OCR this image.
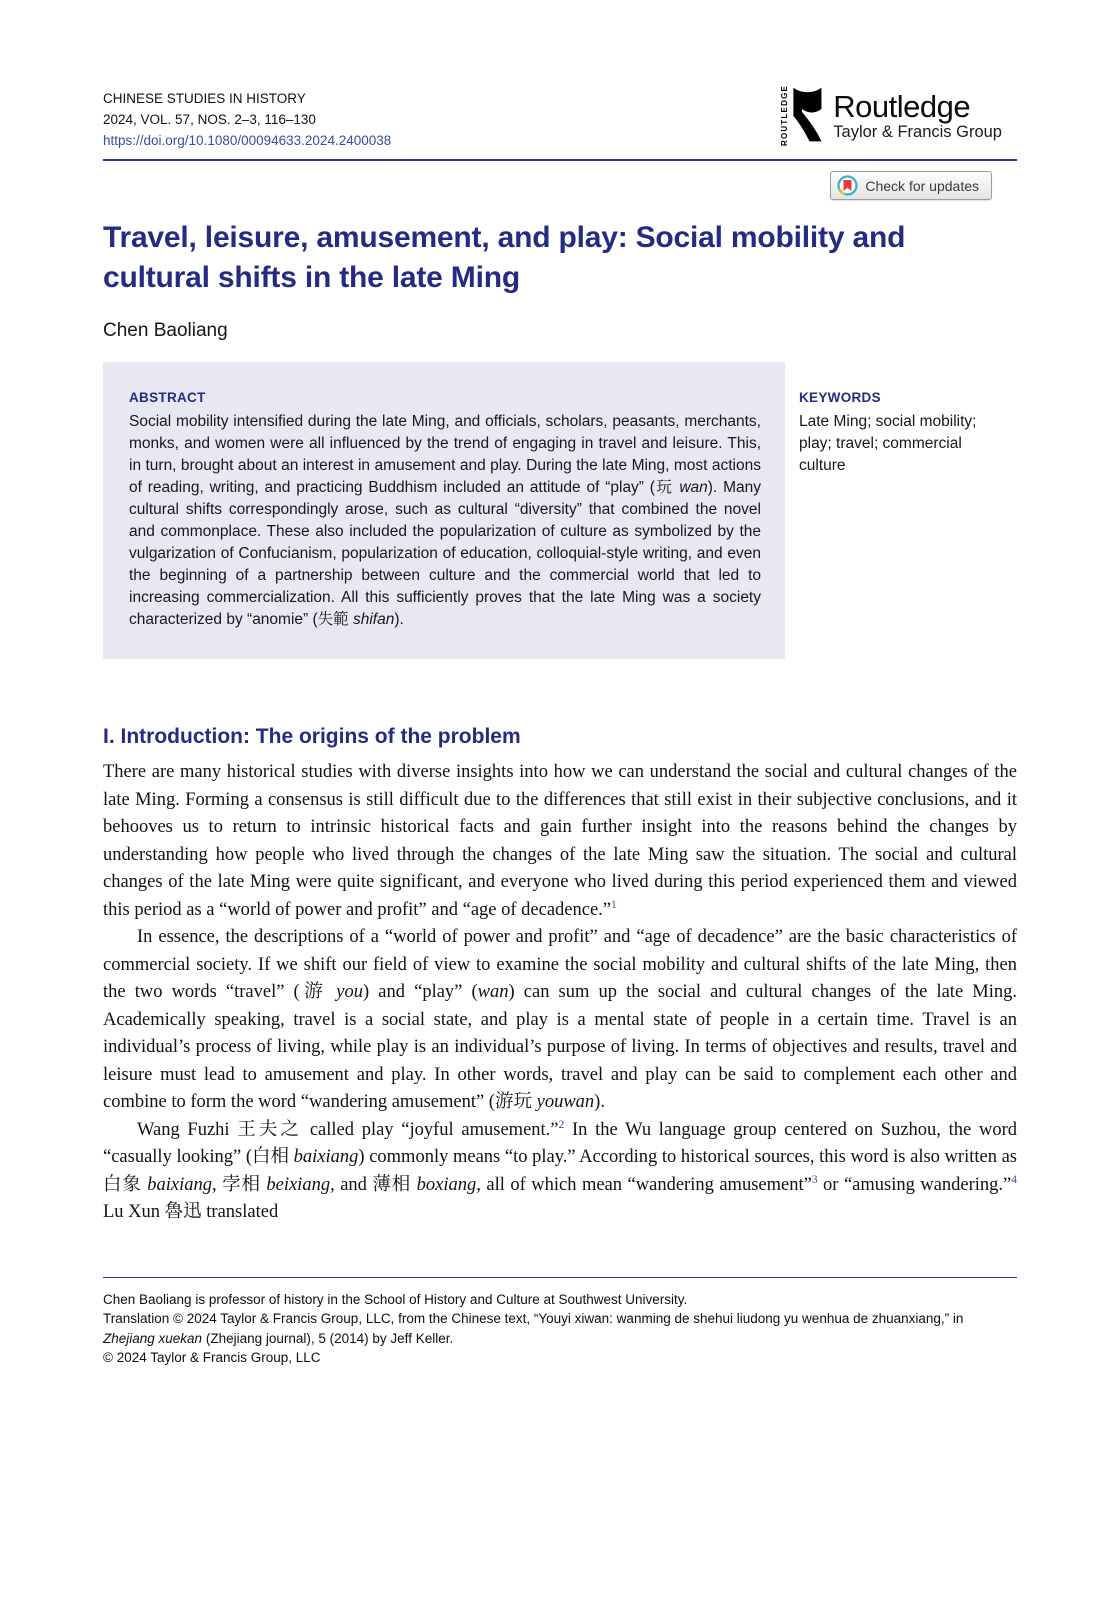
ROUTLEDGE Routledge
Taylor & Francis Group
Check for updates
CHINESE STUDIES IN HISTORY
2024, VOL. 57, NOS. 2–3, 116–130
https://doi.org/10.1080/00094633.2024.2400038
Travel, leisure, amusement, and play: Social mobility and cultural shifts in the late Ming
Chen Baoliang
ABSTRACT

Social mobility intensified during the late Ming, and officials, scholars, peasants, merchants, monks, and women were all influenced by the trend of engaging in travel and leisure. This, in turn, brought about an interest in amusement and play. During the late Ming, most actions of reading, writing, and practicing Buddhism included an attitude of “play” (玩 wan). Many cultural shifts correspondingly arose, such as cultural “diversity” that combined the novel and commonplace. These also included the popularization of culture as symbolized by the vulgarization of Confucianism, popularization of education, colloquial-style writing, and even the beginning of a partnership between culture and the commercial world that led to increasing commercialization. All this sufficiently proves that the late Ming was a society characterized by “anomie” (失範 shifan).

KEYWORDS
Late Ming; social mobility; play; travel; commercial culture
I. Introduction: The origins of the problem

There are many historical studies with diverse insights into how we can understand the social and cultural changes of the late Ming. Forming a consensus is still difficult due to the differences that still exist in their subjective conclusions, and it behooves us to return to intrinsic historical facts and gain further insight into the reasons behind the changes by understanding how people who lived through the changes of the late Ming saw the situation. The social and cultural changes of the late Ming were quite significant, and everyone who lived during this period experienced them and viewed this period as a “world of power and profit” and “age of decadence.”$^1$

In essence, the descriptions of a “world of power and profit” and “age of decadence” are the basic characteristics of commercial society. If we shift our field of view to examine the social mobility and cultural shifts of the late Ming, then the two words “travel” (游 you) and “play” (wan) can sum up the social and cultural changes of the late Ming. Academically speaking, travel is a social state, and play is a mental state of people in a certain time. Travel is an individual’s process of living, while play is an individual’s purpose of living. In terms of objectives and results, travel and leisure must lead to amusement and play. In other words, travel and play can be said to complement each other and combine to form the word “wandering amusement” (游玩 youwan).

Wang Fuzhi 王夫之 called play “joyful amusement.”$^2$ In the Wu language group centered on Suzhou, the word “casually looking” (白相 baixiang) commonly means “to play.” According to historical sources, this word is also written as 白象 baixiang, 孛相 beixiang, and 薄相 boxiang, all of which mean “wandering amusement”$^3$ or “amusing wandering.”$^4$ Lu Xun 魯迅 translated

Chen Baoliang is professor of history in the School of History and Culture at Southwest University.

Translation © 2024 Taylor & Francis Group, LLC, from the Chinese text, “Youyi xiwan: wanming de shehui liudong yu wenhua de zhuanxiang,” in Zhejiang xuekan (Zhejiang journal), 5 (2014) by Jeff Keller.

© 2024 Taylor & Francis Group, LLC
